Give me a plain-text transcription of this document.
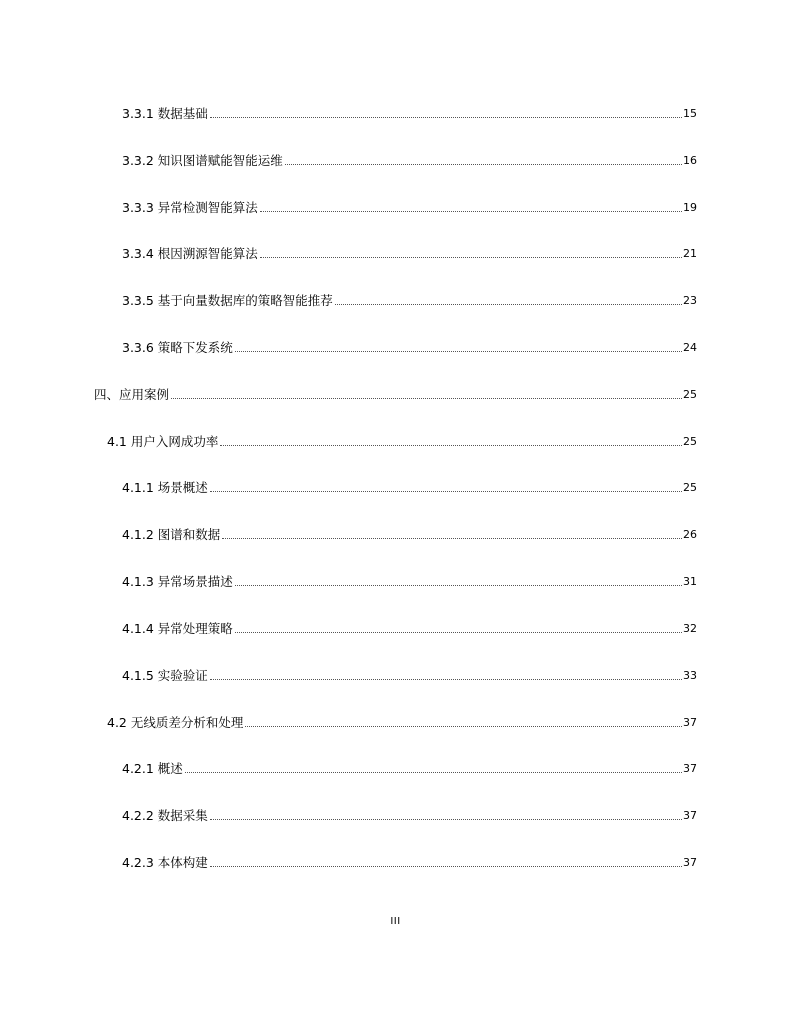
3.3.1 数据基础	15
3.3.2 知识图谱赋能智能运维	16
3.3.3 异常检测智能算法	19
3.3.4 根因溯源智能算法	21
3.3.5 基于向量数据库的策略智能推荐	23
3.3.6 策略下发系统	24
四、应用案例	25
4.1 用户入网成功率	25
4.1.1 场景概述	25
4.1.2 图谱和数据	26
4.1.3 异常场景描述	31
4.1.4 异常处理策略	32
4.1.5 实验验证	33
4.2 无线质差分析和处理	37
4.2.1 概述	37
4.2.2 数据采集	37
4.2.3 本体构建	37
III
